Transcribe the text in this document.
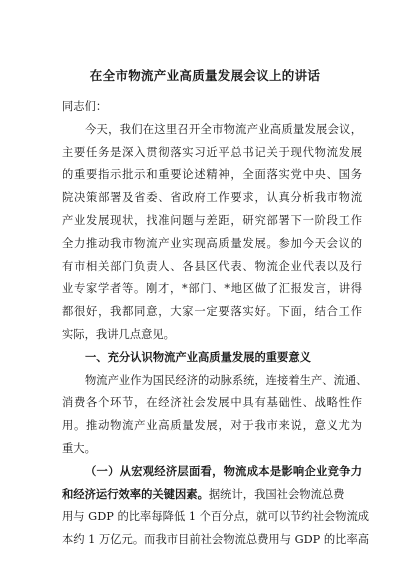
在全市物流产业高质量发展会议上的讲话
同志们：
今天，我们在这里召开全市物流产业高质量发展会议，
主要任务是深入贯彻落实习近平总书记关于现代物流发展
的重要指示批示和重要论述精神，全面落实党中央、国务
院决策部署及省委、省政府工作要求，认真分析我市物流
产业发展现状，找准问题与差距，研究部署下一阶段工作
全力推动我市物流产业实现高质量发展。参加今天会议的
有市相关部门负责人、各县区代表、物流企业代表以及行
业专家学者等。刚才，*部门、*地区做了汇报发言，讲得
都很好，我都同意，大家一定要落实好。下面，结合工作
实际，我讲几点意见。
一、充分认识物流产业高质量发展的重要意义
物流产业作为国民经济的动脉系统，连接着生产、流通、
消费各个环节，在经济社会发展中具有基础性、战略性作
用。推动物流产业高质量发展，对于我市来说，意义尤为
重大。
（一）从宏观经济层面看，物流成本是影响企业竞争力
和经济运行效率的关键因素。据统计，我国社会物流总费
用与 GDP 的比率每降低 1 个百分点，就可以节约社会物流成
本约 1 万亿元。而我市目前社会物流总费用与 GDP 的比率高
